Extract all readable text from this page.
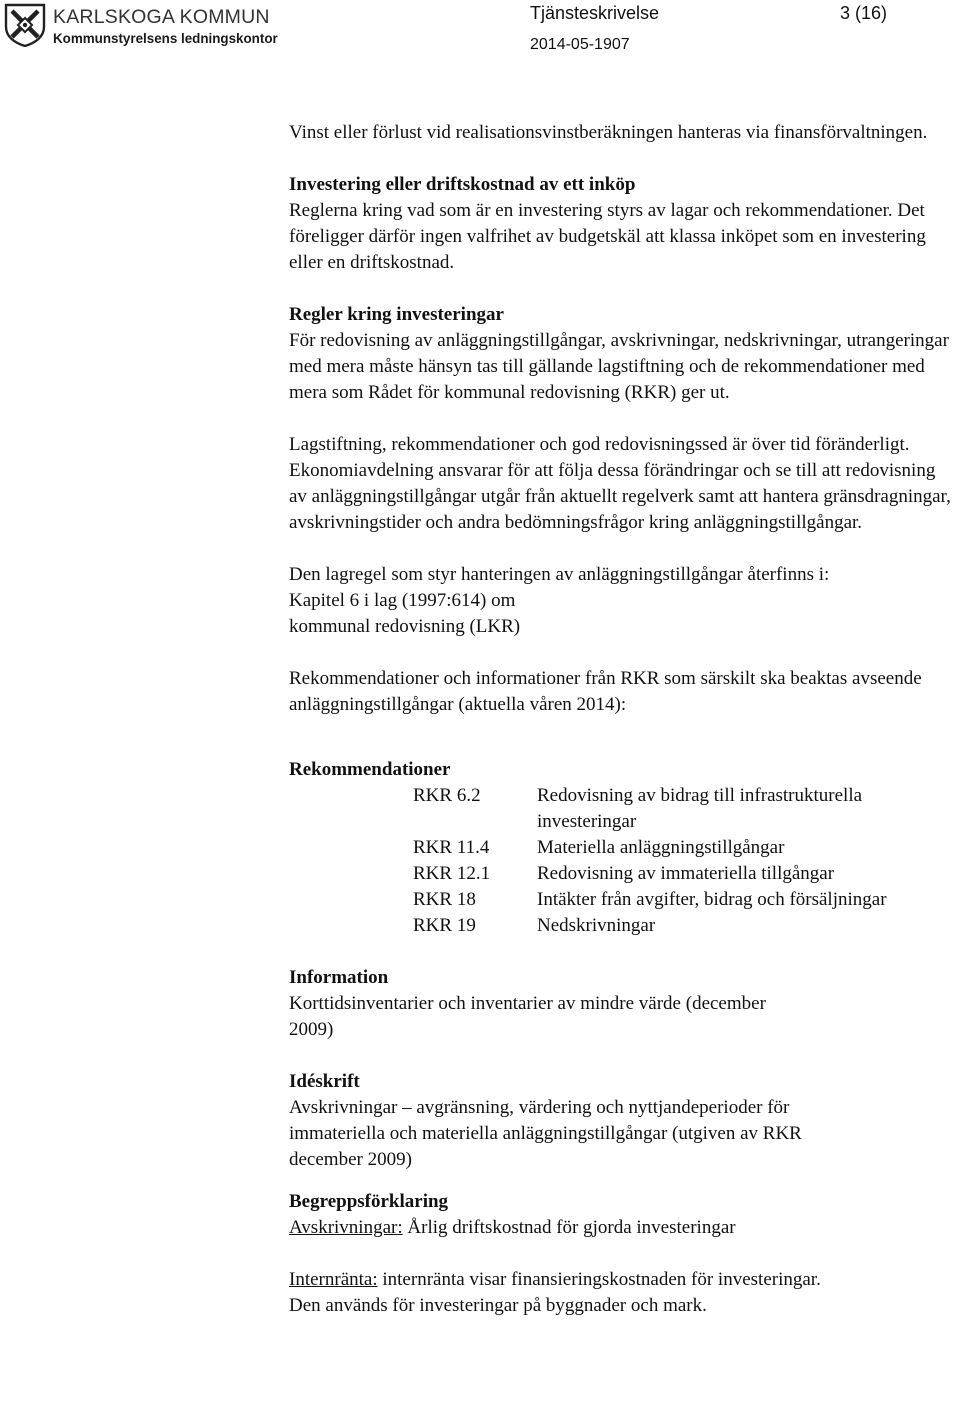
KARLSKOGA KOMMUN
Kommunstyrelsens ledningskontor
Tjänsteskrivelse	3 (16)
2014-05-1907

Vinst eller förlust vid realisationsvinstberäkningen hanteras via finansförvaltningen.

Investering eller driftskostnad av ett inköp

Reglerna kring vad som är en investering styrs av lagar och rekommendationer. Det föreligger därför ingen valfrihet av budgetskäl att klassa inköpet som en investering eller en driftskostnad.

Regler kring investeringar

För redovisning av anläggningstillgångar, avskrivningar, nedskrivningar, utrangeringar med mera måste hänsyn tas till gällande lagstiftning och de rekommendationer med mera som Rådet för kommunal redovisning (RKR) ger ut.

Lagstiftning, rekommendationer och god redovisningssed är över tid föränderligt. Ekonomiavdelning ansvarar för att följa dessa förändringar och se till att redovisning av anläggningstillgångar utgår från aktuellt regelverk samt att hantera gränsdragningar, avskrivningstider och andra bedömningsfrågor kring anläggningstillgångar.

Den lagregel som styr hanteringen av anläggningstillgångar återfinns i:

Kapitel 6 i lag (1997:614) om kommunal redovisning (LKR)

Rekommendationer och informationer från RKR som särskilt ska beaktas avseende anläggningstillgångar (aktuella våren 2014):

Rekommendationer

RKR 6.2	Redovisning av bidrag till infrastrukturella investeringar
RKR 11.4	Materiella anläggningstillgångar
RKR 12.1	Redovisning av immateriella tillgångar
RKR 18	Intäkter från avgifter, bidrag och försäljningar
RKR 19	Nedskrivningar

Information

Korttidsinventarier och inventarier av mindre värde (december 2009)

Idéskrift

Avskrivningar – avgränsning, värdering och nyttjandeperioder för immateriella och materiella anläggningstillgångar (utgiven av RKR december 2009)

Begreppsförklaring

Avskrivningar: Årlig driftskostnad för gjorda investeringar

Internränta: internränta visar finansieringskostnaden för investeringar.

Den används för investeringar på byggnader och mark.
